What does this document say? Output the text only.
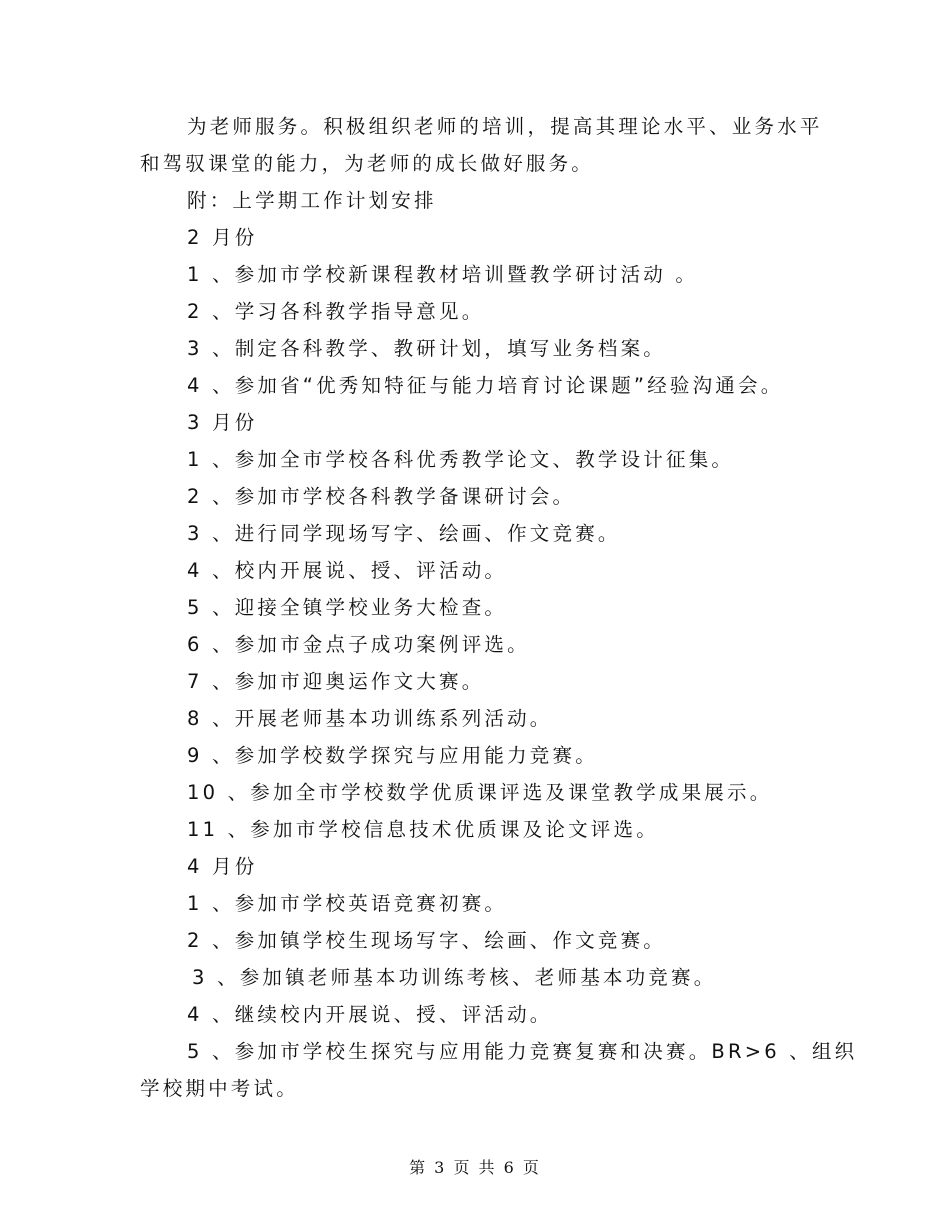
为老师服务。积极组织老师的培训，提高其理论水平、业务水平
和驾驭课堂的能力，为老师的成长做好服务。
附：上学期工作计划安排
2 月份
1 、参加市学校新课程教材培训暨教学研讨活动 。
2 、学习各科教学指导意见。
3 、制定各科教学、教研计划，填写业务档案。
4 、参加省“优秀知特征与能力培育讨论课题”经验沟通会。
3 月份
1 、参加全市学校各科优秀教学论文、教学设计征集。
2 、参加市学校各科教学备课研讨会。
3 、进行同学现场写字、绘画、作文竞赛。
4 、校内开展说、授、评活动。
5 、迎接全镇学校业务大检查。
6 、参加市金点子成功案例评选。
7 、参加市迎奥运作文大赛。
8 、开展老师基本功训练系列活动。
9 、参加学校数学探究与应用能力竞赛。
10 、参加全市学校数学优质课评选及课堂教学成果展示。
11 、参加市学校信息技术优质课及论文评选。
4 月份
1 、参加市学校英语竞赛初赛。
2 、参加镇学校生现场写字、绘画、作文竞赛。
3 、参加镇老师基本功训练考核、老师基本功竞赛。
4 、继续校内开展说、授、评活动。
5 、参加市学校生探究与应用能力竞赛复赛和决赛。BR>6 、组织
学校期中考试。
第 3 页 共 6 页
